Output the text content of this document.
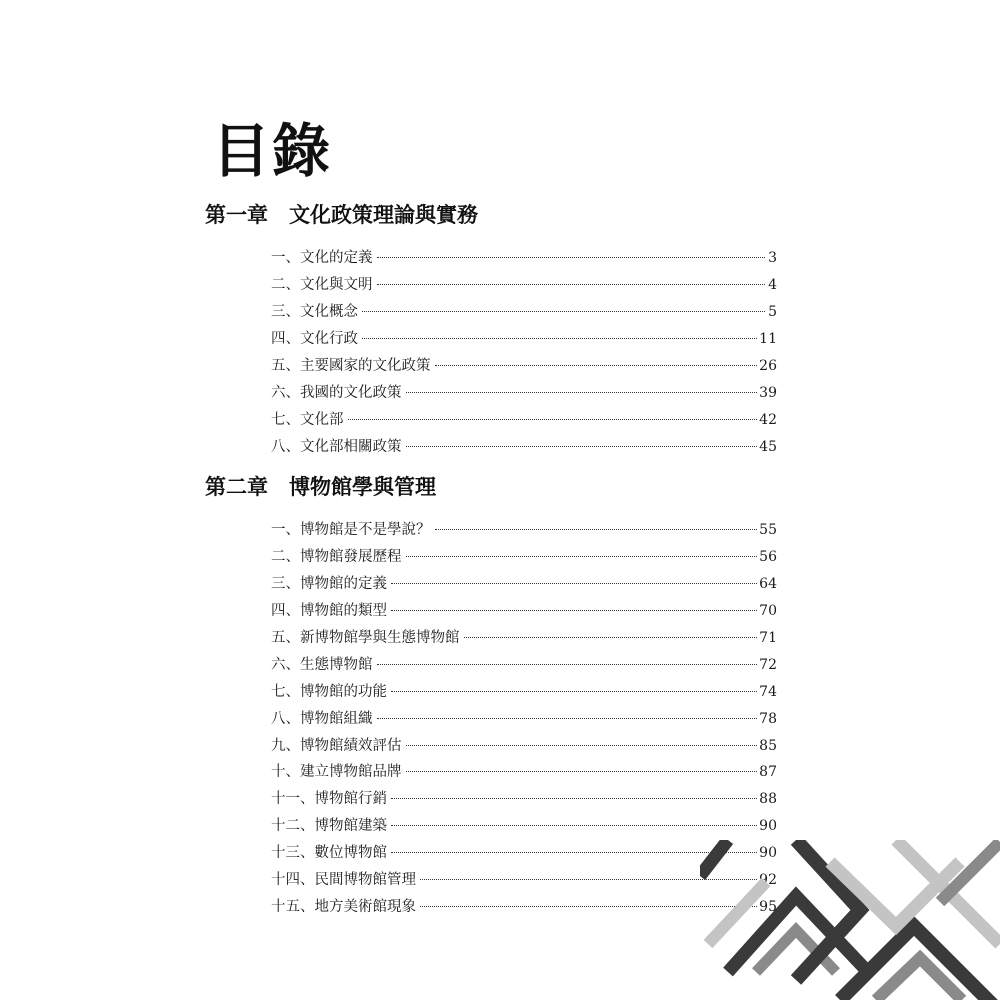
目錄
第一章 文化政策理論與實務
一、文化的定義	3
二、文化與文明	4
三、文化概念	5
四、文化行政	11
五、主要國家的文化政策	26
六、我國的文化政策	39
七、文化部	42
八、文化部相關政策	45
第二章 博物館學與管理
一、博物館是不是學說？	55
二、博物館發展歷程	56
三、博物館的定義	64
四、博物館的類型	70
五、新博物館學與生態博物館	71
六、生態博物館	72
七、博物館的功能	74
八、博物館組織	78
九、博物館績效評估	85
十、建立博物館品牌	87
十一、博物館行銷	88
十二、博物館建築	90
十三、數位博物館	90
十四、民間博物館管理	92
十五、地方美術館現象	95
